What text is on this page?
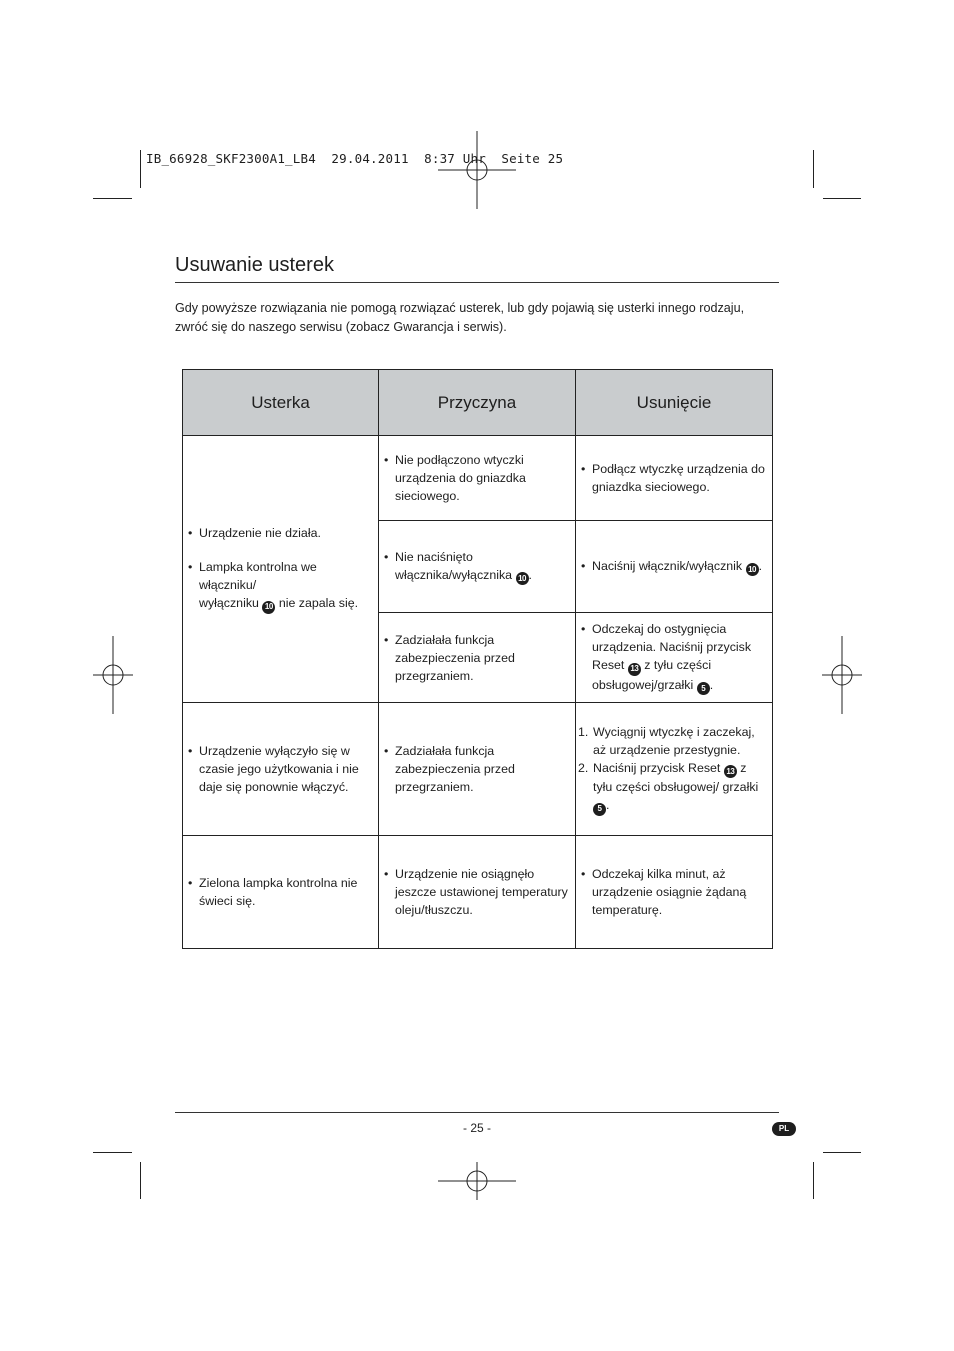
IB_66928_SKF2300A1_LB4  29.04.2011  8:37 Uhr  Seite 25
Usuwanie usterek

Gdy powyższe rozwiązania nie pomogą rozwiązać usterek, lub gdy pojawią się usterki innego rodzaju, zwróć się do naszego serwisu (zobacz Gwarancja i serwis).

Usterka	Przyczyna	Usunięcie

• Urządzenie nie działa.
• Lampka kontrolna we włączniku/
wyłączniku 10 nie zapala się.	• Nie podłączono wtyczki urządzenia do gniazdka sieciowego.	• Podłącz wtyczkę urządzenia do gniazdka sieciowego.

	• Nie naciśnięto włącznika/wyłącznika 10 .	• Naciśnij włącznik/wyłącznik 10 .

	• Zadziałała funkcja zabezpieczenia przed przegrzaniem.	• Odczekaj do ostygnięcia urządzenia. Naciśnij przycisk Reset 13 z tyłu części obsługowej/grzałki 5 .

• Urządzenie wyłączyło się w czasie jego użytkowania i nie daje się ponownie włączyć.	• Zadziałała funkcja zabezpieczenia przed przegrzaniem.	1. Wyciągnij wtyczkę i zaczekaj, aż urządzenie przestygnie.
2. Naciśnij przycisk Reset 13 z tyłu części obsługowej/ grzałki 5 .

• Zielona lampka kontrolna nie świeci się.	• Urządzenie nie osiągnęło jeszcze ustawionej temperatury oleju/tłuszczu.	• Odczekaj kilka minut, aż urządzenie osiągnie żądaną temperaturę.
- 25 -	PL
